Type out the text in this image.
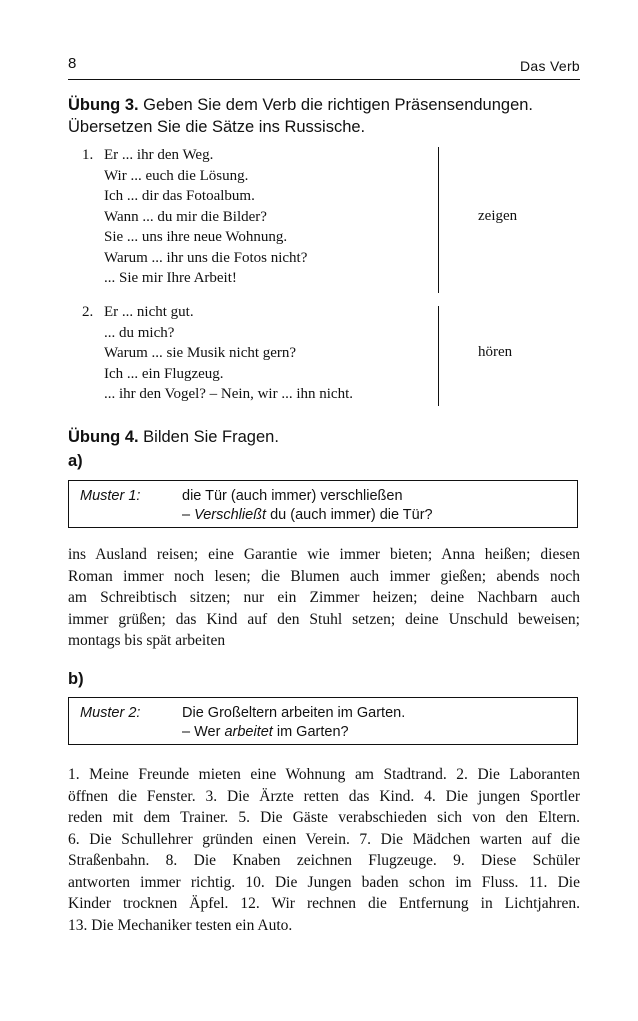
8	Das Verb
Übung 3. Geben Sie dem Verb die richtigen Präsensendungen.
Übersetzen Sie die Sätze ins Russische.
1. Er ... ihr den Weg.
Wir ... euch die Lösung.
Ich ... dir das Fotoalbum.
Wann ... du mir die Bilder?
Sie ... uns ihre neue Wohnung.
Warum ... ihr uns die Fotos nicht?
... Sie mir Ihre Arbeit!
zeigen
2. Er ... nicht gut.
... du mich?
Warum ... sie Musik nicht gern?
Ich ... ein Flugzeug.
... ihr den Vogel? – Nein, wir ... ihn nicht.
hören
Übung 4. Bilden Sie Fragen.
a)
Muster 1:	die Tür (auch immer) verschließen
– Verschließt du (auch immer) die Tür?
ins Ausland reisen; eine Garantie wie immer bieten; Anna heißen; diesen
Roman immer noch lesen; die Blumen auch immer gießen; abends noch
am Schreibtisch sitzen; nur ein Zimmer heizen; deine Nachbarn auch
immer grüßen; das Kind auf den Stuhl setzen; deine Unschuld beweisen;
montags bis spät arbeiten
b)
Muster 2:	Die Großeltern arbeiten im Garten.
– Wer arbeitet im Garten?
1. Meine Freunde mieten eine Wohnung am Stadtrand. 2. Die Laboranten
öffnen die Fenster. 3. Die Ärzte retten das Kind. 4. Die jungen Sportler
reden mit dem Trainer. 5. Die Gäste verabschieden sich von den Eltern.
6. Die Schullehrer gründen einen Verein. 7. Die Mädchen warten auf die
Straßenbahn. 8. Die Knaben zeichnen Flugzeuge. 9. Diese Schüler
antworten immer richtig. 10. Die Jungen baden schon im Fluss. 11. Die
Kinder trocknen Äpfel. 12. Wir rechnen die Entfernung in Lichtjahren.
13. Die Mechaniker testen ein Auto.
